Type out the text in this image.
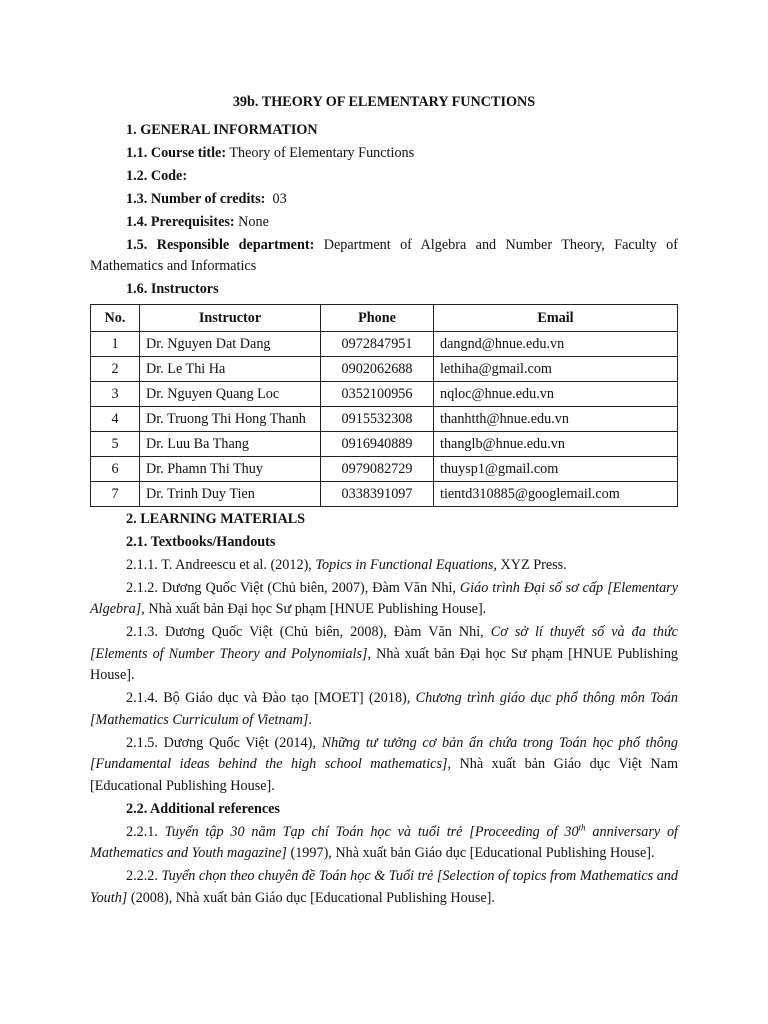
39b. THEORY OF ELEMENTARY FUNCTIONS

1. GENERAL INFORMATION

1.1. Course title: Theory of Elementary Functions

1.2. Code:

1.3. Number of credits:  03

1.4. Prerequisites: None

1.5. Responsible department: Department of Algebra and Number Theory, Faculty of Mathematics and Informatics

1.6. Instructors

No.	Instructor	Phone	Email
1	Dr. Nguyen Dat Dang	0972847951	dangnd@hnue.edu.vn
2	Dr. Le Thi Ha	0902062688	lethiha@gmail.com
3	Dr. Nguyen Quang Loc	0352100956	nqloc@hnue.edu.vn
4	Dr. Truong Thi Hong Thanh	0915532308	thanhtth@hnue.edu.vn
5	Dr. Luu Ba Thang	0916940889	thanglb@hnue.edu.vn
6	Dr. Phamn Thi Thuy	0979082729	thuysp1@gmail.com
7	Dr. Trinh Duy Tien	0338391097	tientd310885@googlemail.com

2. LEARNING MATERIALS

2.1. Textbooks/Handouts

2.1.1. T. Andreescu et al. (2012), Topics in Functional Equations, XYZ Press.

2.1.2. Dương Quốc Việt (Chủ biên, 2007), Đàm Văn Nhỉ, Giáo trình Đại số sơ cấp [Elementary Algebra], Nhà xuất bản Đại học Sư phạm [HNUE Publishing House].

2.1.3. Dương Quốc Việt (Chủ biên, 2008), Đàm Văn Nhỉ, Cơ sở lí thuyết số và đa thức [Elements of Number Theory and Polynomials], Nhà xuất bản Đại học Sư phạm [HNUE Publishing House].

2.1.4. Bộ Giáo dục và Đào tạo [MOET] (2018), Chương trình giáo dục phổ thông môn Toán [Mathematics Curriculum of Vietnam].

2.1.5. Dương Quốc Việt (2014), Những tư tưởng cơ bản ẩn chứa trong Toán học phổ thông [Fundamental ideas behind the high school mathematics], Nhà xuất bản Giáo dục Việt Nam [Educational Publishing House].

2.2. Additional references

2.2.1. Tuyển tập 30 năm Tạp chí Toán học và tuổi trẻ [Proceeding of 30th anniversary of Mathematics and Youth magazine] (1997), Nhà xuất bản Giáo dục [Educational Publishing House].

2.2.2. Tuyển chọn theo chuyên đề Toán học & Tuổi trẻ [Selection of topics from Mathematics and Youth] (2008), Nhà xuất bản Giáo dục [Educational Publishing House].
